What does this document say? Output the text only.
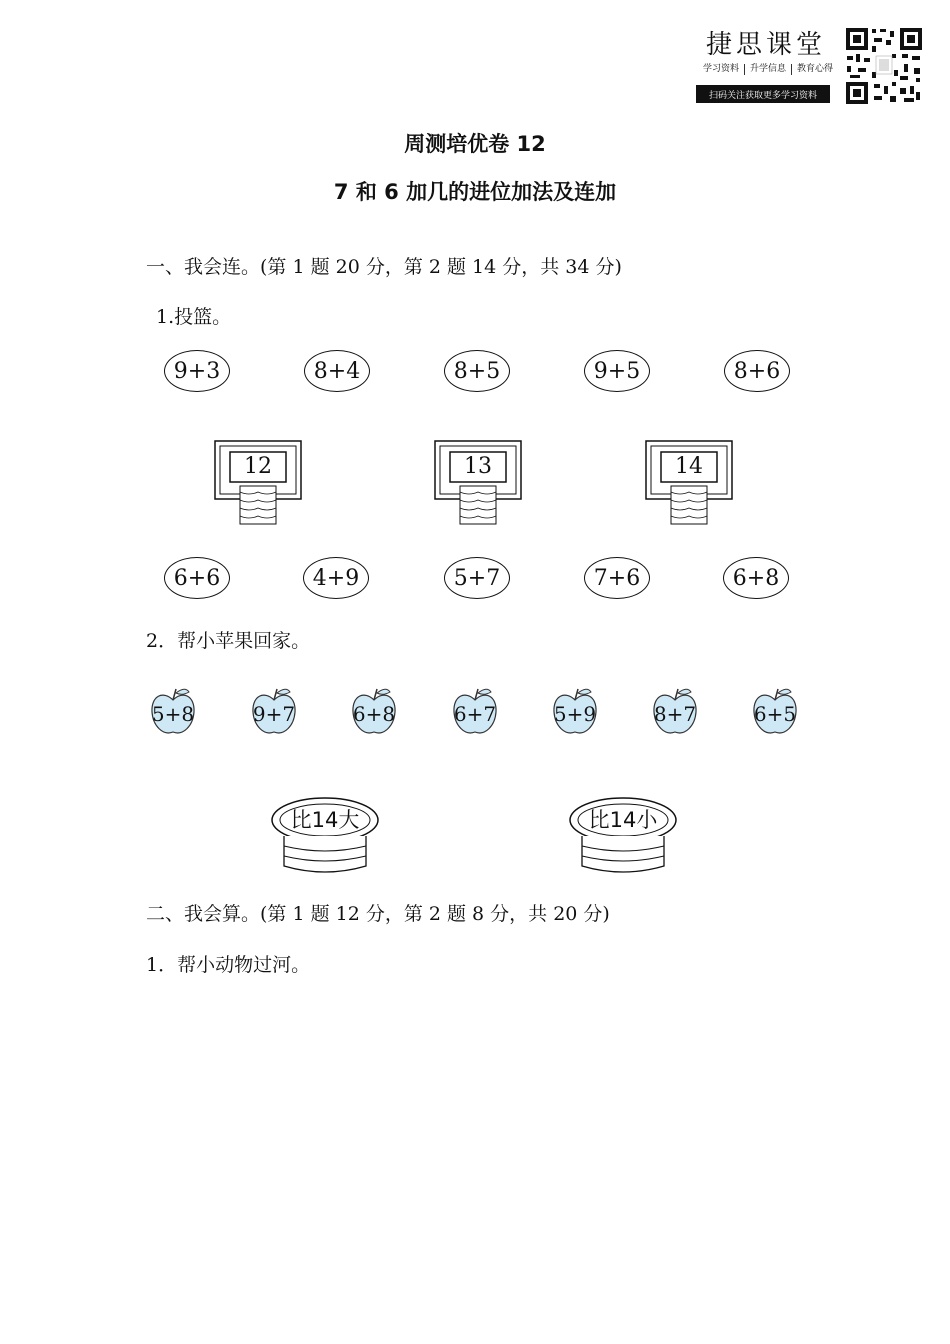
捷思课堂
学习资料	升学信息	教育心得
扫码关注获取更多学习资料
周测培优卷 12
7 和 6 加几的进位加法及连加
一、我会连。(第 1 题 20 分，第 2 题 14 分，共 34 分)
1.投篮。
9+3	8+4	8+5	9+5	8+6
12	13	14
6+6	4+9	5+7	7+6	6+8
2．帮小苹果回家。
5+8	9+7	6+8	6+7	5+9	8+7	6+5
比14大	比14小
二、我会算。(第 1 题 12 分，第 2 题 8 分，共 20 分)
1．帮小动物过河。
